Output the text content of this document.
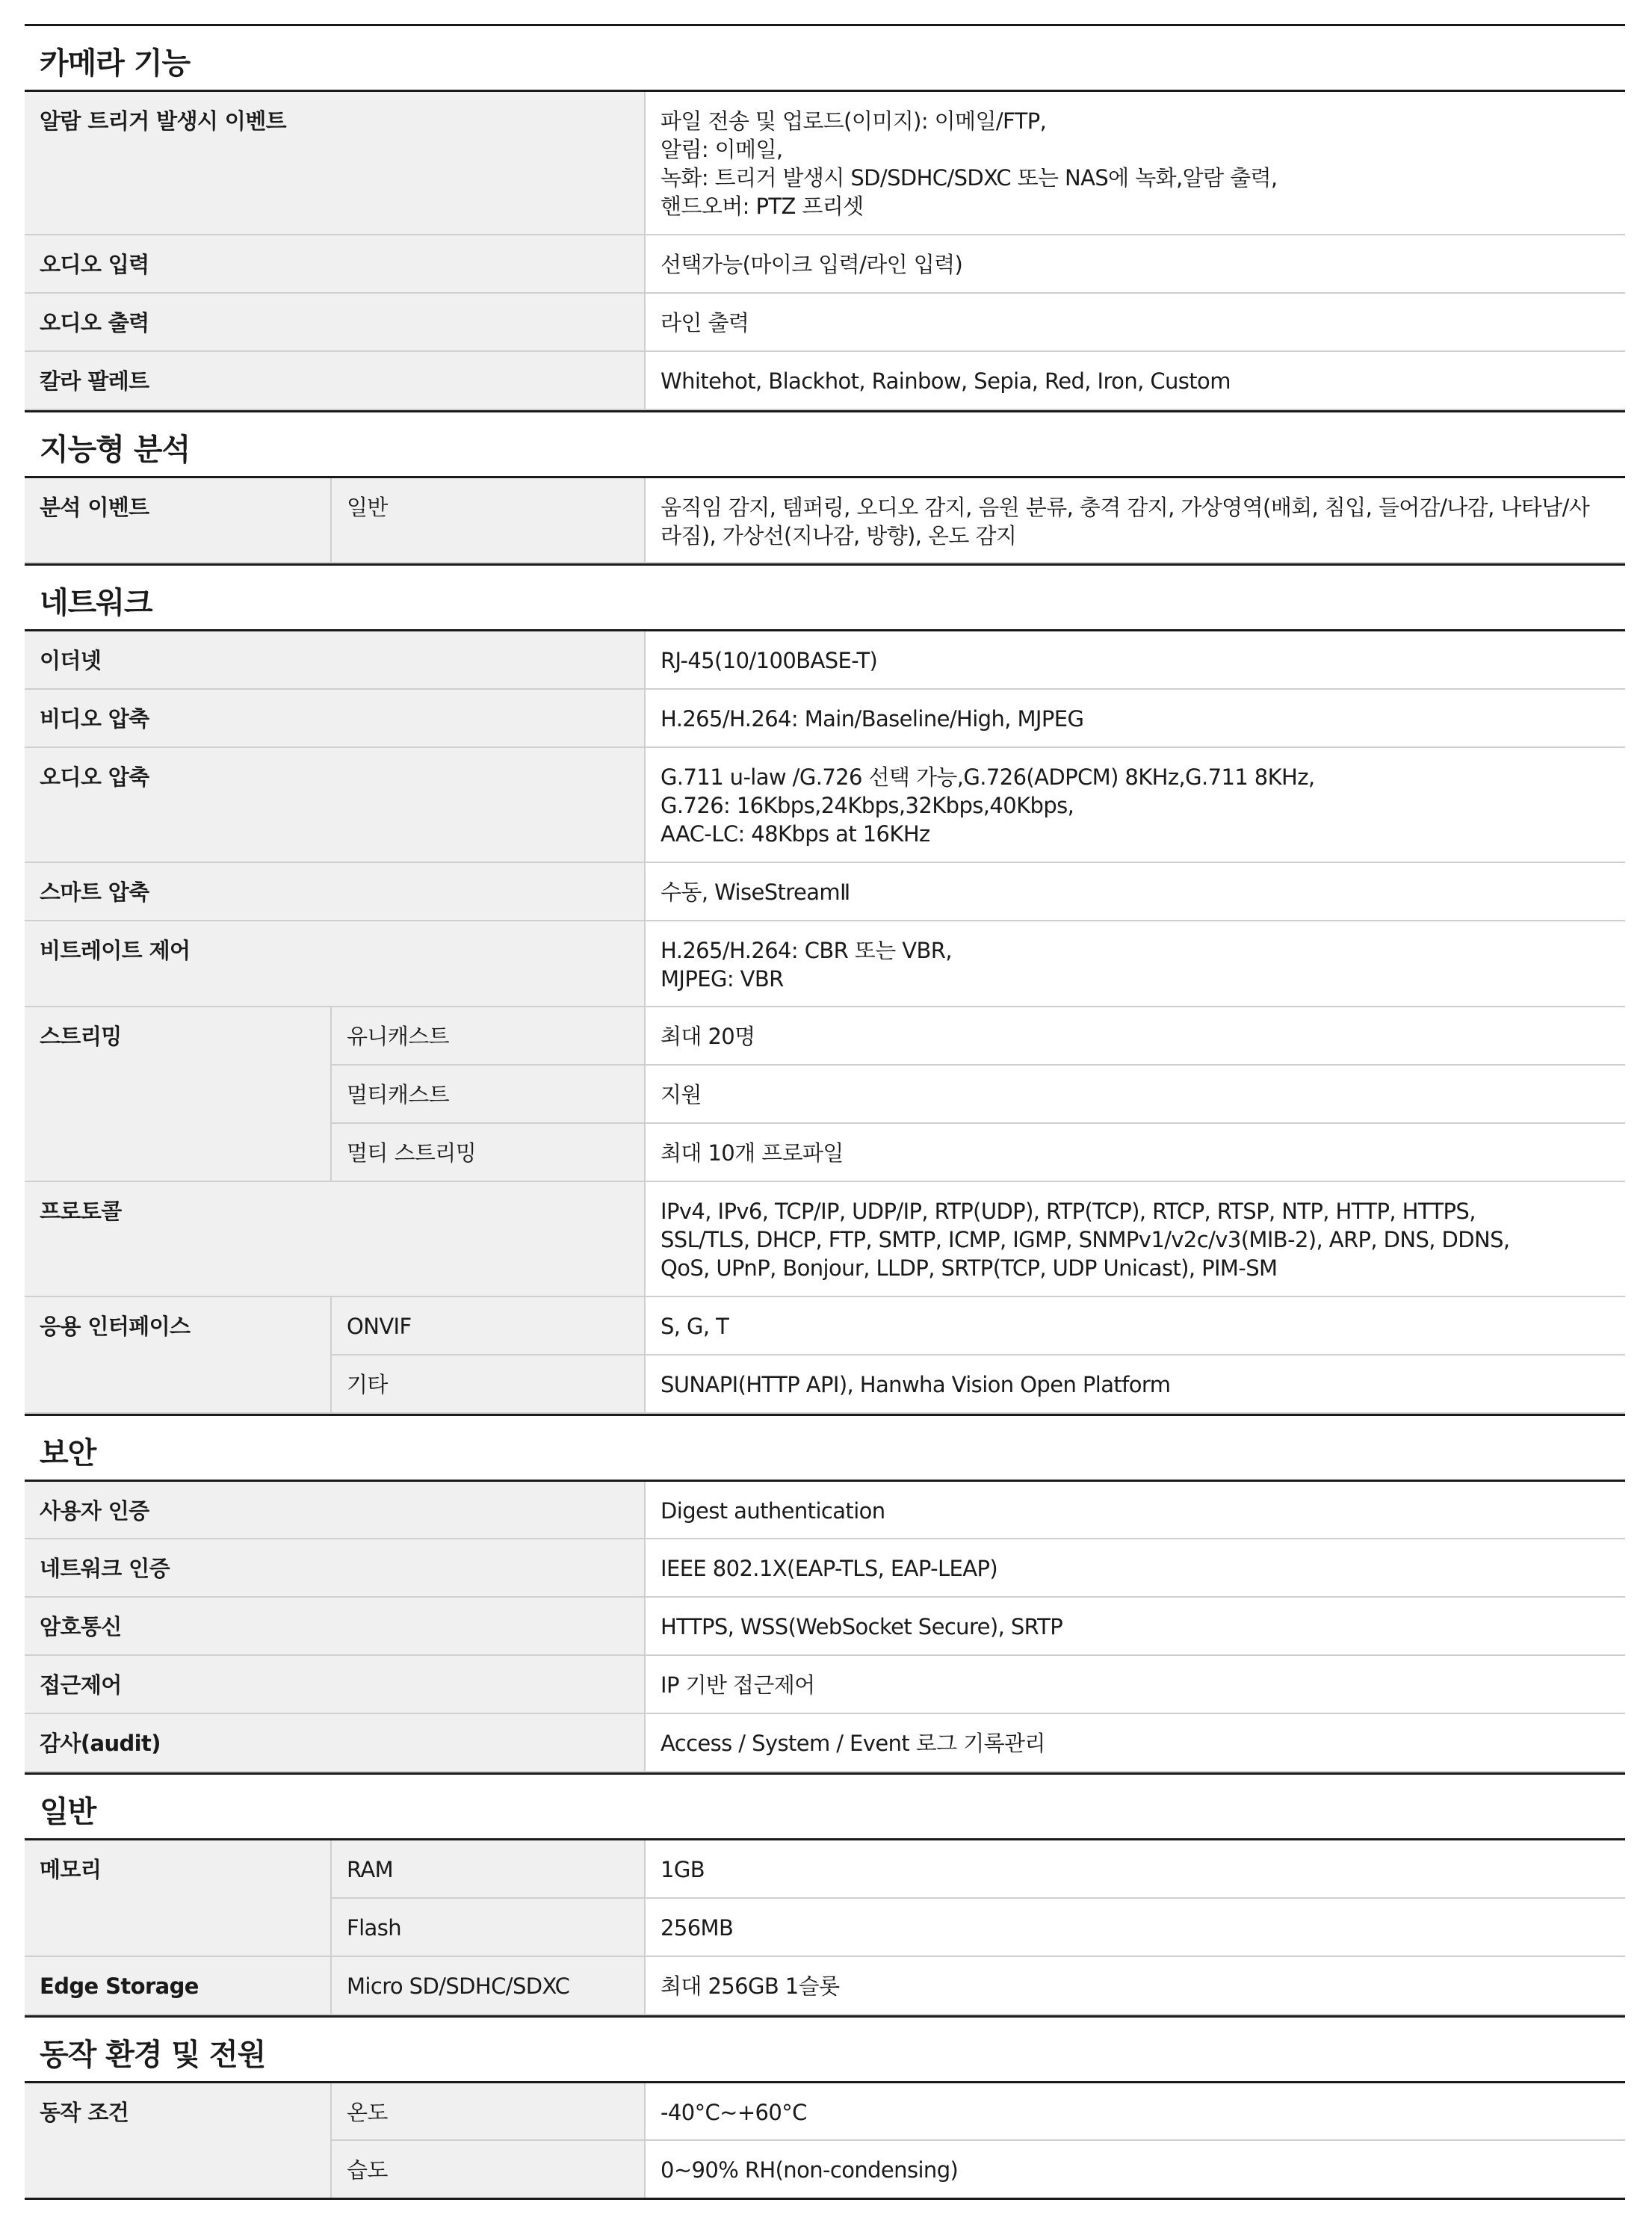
카메라 기능
알람 트리거 발생시 이벤트	파일 전송 및 업로드(이미지): 이메일/FTP,
알림: 이메일,
녹화: 트리거 발생시 SD/SDHC/SDXC 또는 NAS에 녹화,알람 출력,
핸드오버: PTZ 프리셋
오디오 입력	선택가능(마이크 입력/라인 입력)
오디오 출력	라인 출력
칼라 팔레트	Whitehot, Blackhot, Rainbow, Sepia, Red, Iron, Custom
지능형 분석
분석 이벤트	일반	움직임 감지, 템퍼링, 오디오 감지, 음원 분류, 충격 감지, 가상영역(배회, 침입, 들어감/나감, 나타남/사
라짐), 가상선(지나감, 방향), 온도 감지
네트워크
이더넷		RJ-45(10/100BASE-T)
비디오 압축		H.265/H.264: Main/Baseline/High, MJPEG
오디오 압축		G.711 u-law /G.726 선택 가능,G.726(ADPCM) 8KHz,G.711 8KHz,
G.726: 16Kbps,24Kbps,32Kbps,40Kbps,
AAC-LC: 48Kbps at 16KHz
스마트 압축		수동, WiseStreamⅡ
비트레이트 제어		H.265/H.264: CBR 또는 VBR,
MJPEG: VBR
스트리밍	유니캐스트	최대 20명
	멀티캐스트	지원
	멀티 스트리밍	최대 10개 프로파일
프로토콜		IPv4, IPv6, TCP/IP, UDP/IP, RTP(UDP), RTP(TCP), RTCP, RTSP, NTP, HTTP, HTTPS,
SSL/TLS, DHCP, FTP, SMTP, ICMP, IGMP, SNMPv1/v2c/v3(MIB-2), ARP, DNS, DDNS,
QoS, UPnP, Bonjour, LLDP, SRTP(TCP, UDP Unicast), PIM-SM
응용 인터페이스	ONVIF	S, G, T
	기타	SUNAPI(HTTP API), Hanwha Vision Open Platform
보안
사용자 인증	Digest authentication
네트워크 인증	IEEE 802.1X(EAP-TLS, EAP-LEAP)
암호통신	HTTPS, WSS(WebSocket Secure), SRTP
접근제어	IP 기반 접근제어
감사(audit)	Access / System / Event 로그 기록관리
일반
메모리	RAM	1GB
	Flash	256MB
Edge Storage	Micro SD/SDHC/SDXC	최대 256GB 1슬롯
동작 환경 및 전원
동작 조건	온도	-40°C~+60°C
	습도	0~90% RH(non-condensing)
